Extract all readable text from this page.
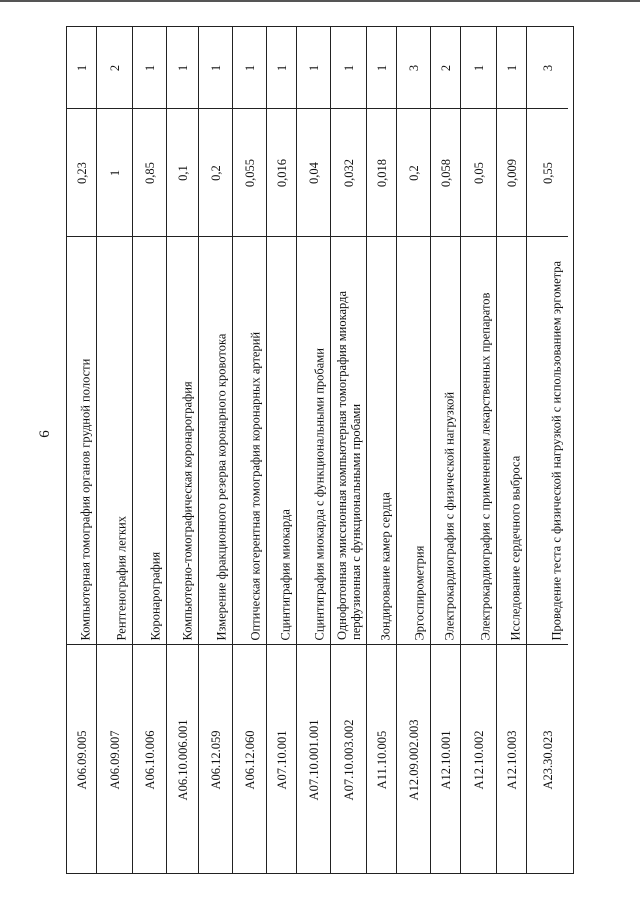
6
1
0,23
Компьютерная томография органов грудной полости
A06.09.005
2
1
Рентгенография легких
A06.09.007
1
0,85
Коронарография
A06.10.006
1
0,1
Компьютерно-томографическая коронарография
A06.10.006.001
1
0,2
Измерение фракционного резерва коронарного кровотока
A06.12.059
1
0,055
Оптическая когерентная томография коронарных артерий
A06.12.060
1
0,016
Сцинтиграфия миокарда
A07.10.001
1
0,04
Сцинтиграфия миокарда с функциональными пробами
A07.10.001.001
1
0,032
Однофотонная эмиссионная компьютерная томография миокарда перфузионная с функциональными пробами
A07.10.003.002
1
0,018
Зондирование камер сердца
A11.10.005
3
0,2
Эргоспирометрия
A12.09.002.003
2
0,058
Электрокардиография с физической нагрузкой
A12.10.001
1
0,05
Электрокардиография с применением лекарственных препаратов
A12.10.002
1
0,009
Исследование сердечного выброса
A12.10.003
3
0,55
Проведение теста с физической нагрузкой с использованием эргометра
A23.30.023
